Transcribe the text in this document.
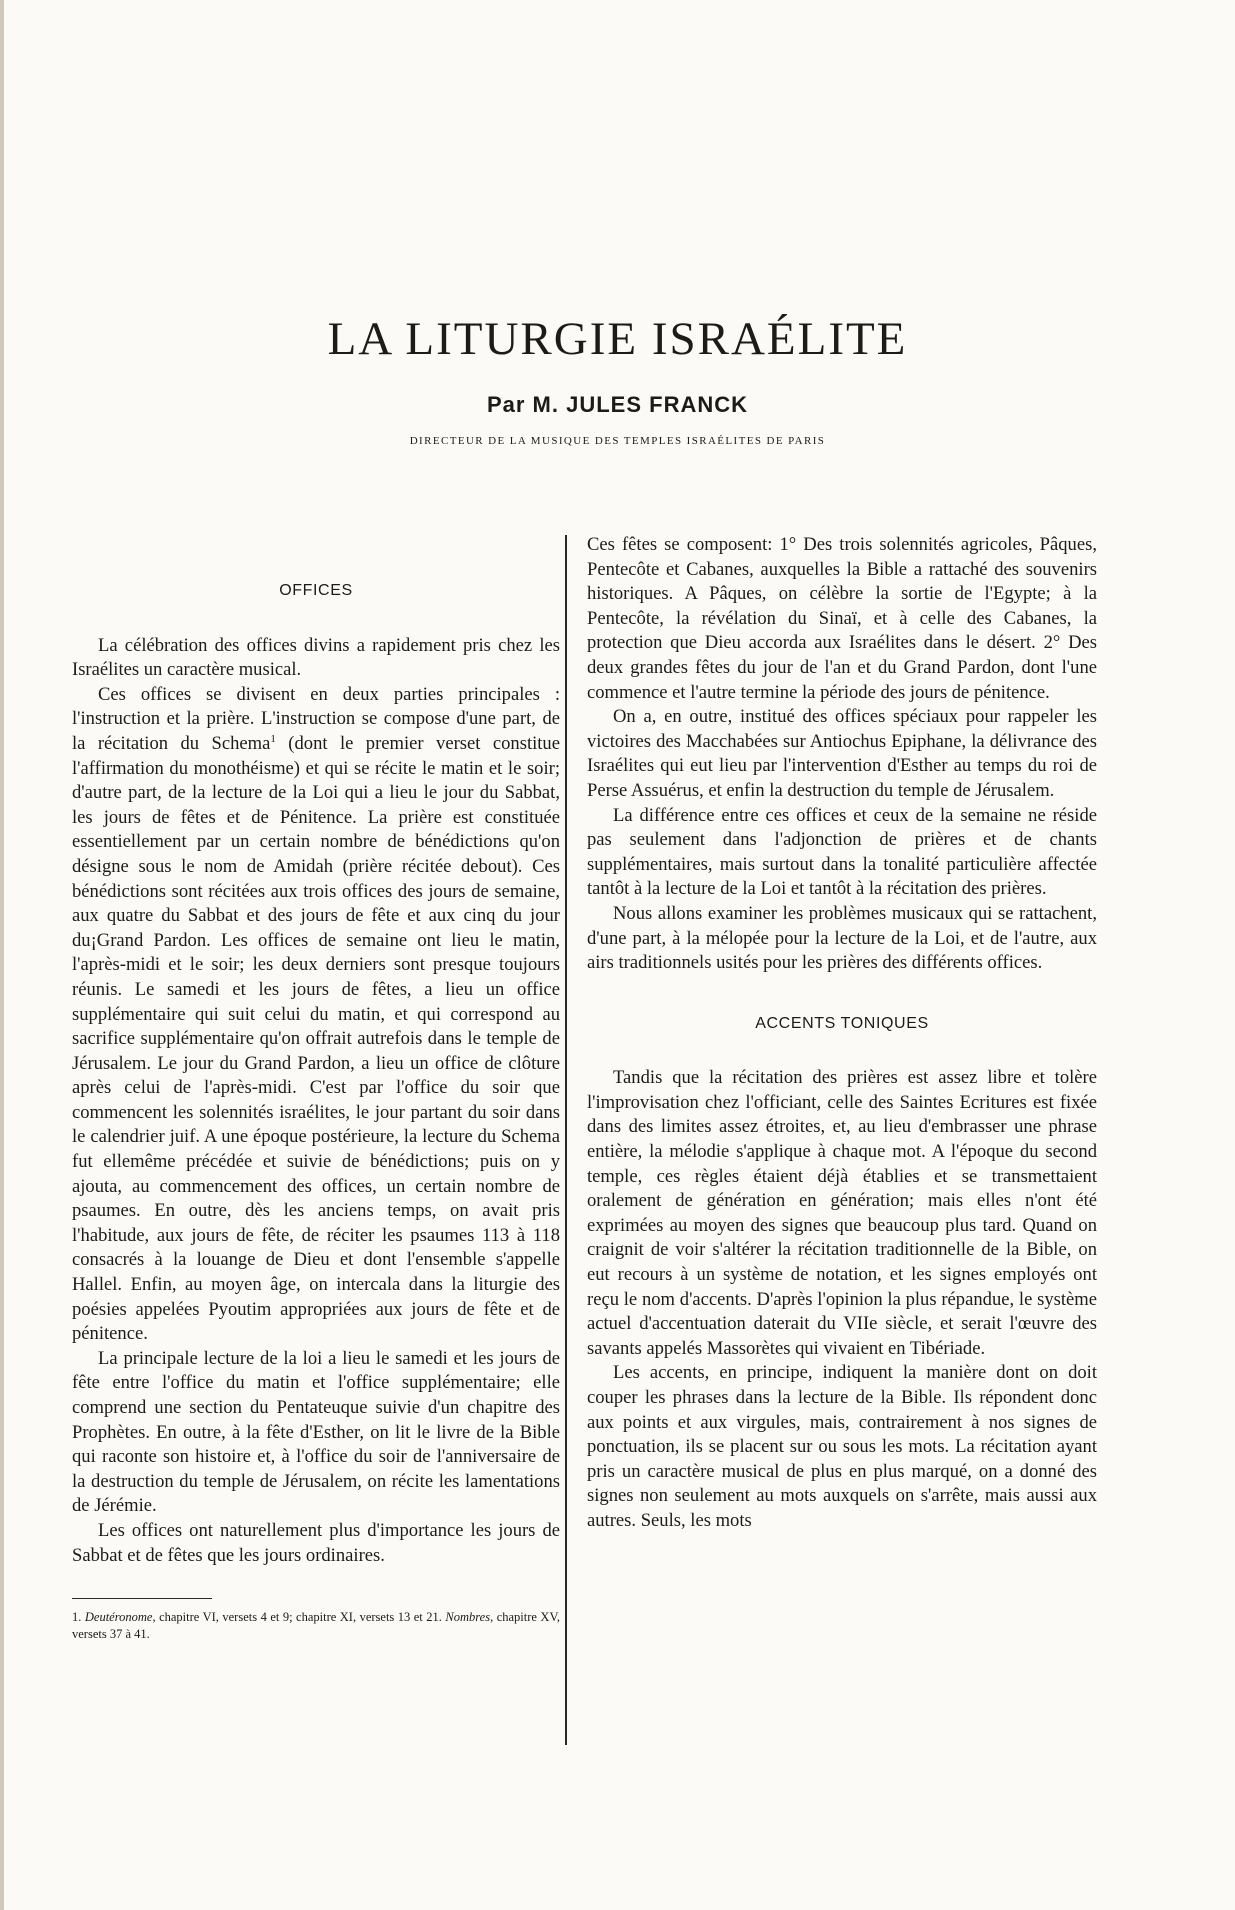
LA LITURGIE ISRAÉLITE
Par M. JULES FRANCK
DIRECTEUR DE LA MUSIQUE DES TEMPLES ISRAÉLITES DE PARIS
OFFICES

La célébration des offices divins a rapidement pris chez les Israélites un caractère musical.

Ces offices se divisent en deux parties principales : l'instruction et la prière. L'instruction se compose d'une part, de la récitation du Schema$^1$ (dont le premier verset constitue l'affirmation du monothéisme) et qui se récite le matin et le soir; d'autre part, de la lecture de la Loi qui a lieu le jour du Sabbat, les jours de fêtes et de Pénitence. La prière est constituée essentiellement par un certain nombre de bénédictions qu'on désigne sous le nom de Amidah (prière récitée debout). Ces bénédictions sont récitées aux trois offices des jours de semaine, aux quatre du Sabbat et des jours de fête et aux cinq du jour du¡Grand Pardon. Les offices de semaine ont lieu le matin, l'après-midi et le soir; les deux derniers sont presque toujours réunis. Le samedi et les jours de fêtes, a lieu un office supplémentaire qui suit celui du matin, et qui correspond au sacrifice supplémentaire qu'on offrait autrefois dans le temple de Jérusalem. Le jour du Grand Pardon, a lieu un office de clôture après celui de l'après-midi. C'est par l'office du soir que commencent les solennités israélites, le jour partant du soir dans le calendrier juif. A une époque postérieure, la lecture du Schema fut ellemême précédée et suivie de bénédictions; puis on y ajouta, au commencement des offices, un certain nombre de psaumes. En outre, dès les anciens temps, on avait pris l'habitude, aux jours de fête, de réciter les psaumes 113 à 118 consacrés à la louange de Dieu et dont l'ensemble s'appelle Hallel. Enfin, au moyen âge, on intercala dans la liturgie des poésies appelées Pyoutim appropriées aux jours de fête et de pénitence.

La principale lecture de la loi a lieu le samedi et les jours de fête entre l'office du matin et l'office supplémentaire; elle comprend une section du Pentateuque suivie d'un chapitre des Prophètes. En outre, à la fête d'Esther, on lit le livre de la Bible qui raconte son histoire et, à l'office du soir de l'anniversaire de la destruction du temple de Jérusalem, on récite les lamentations de Jérémie.

Les offices ont naturellement plus d'importance les jours de Sabbat et de fêtes que les jours ordinaires.

1. Deutéronome, chapitre VI, versets 4 et 9; chapitre XI, versets 13 et 21. Nombres, chapitre XV, versets 37 à 41.

Ces fêtes se composent: 1° Des trois solennités agricoles, Pâques, Pentecôte et Cabanes, auxquelles la Bible a rattaché des souvenirs historiques. A Pâques, on célèbre la sortie de l'Egypte; à la Pentecôte, la révélation du Sinaï, et à celle des Cabanes, la protection que Dieu accorda aux Israélites dans le désert. 2° Des deux grandes fêtes du jour de l'an et du Grand Pardon, dont l'une commence et l'autre termine la période des jours de pénitence.

On a, en outre, institué des offices spéciaux pour rappeler les victoires des Macchabées sur Antiochus Epiphane, la délivrance des Israélites qui eut lieu par l'intervention d'Esther au temps du roi de Perse Assuérus, et enfin la destruction du temple de Jérusalem.

La différence entre ces offices et ceux de la semaine ne réside pas seulement dans l'adjonction de prières et de chants supplémentaires, mais surtout dans la tonalité particulière affectée tantôt à la lecture de la Loi et tantôt à la récitation des prières.

Nous allons examiner les problèmes musicaux qui se rattachent, d'une part, à la mélopée pour la lecture de la Loi, et de l'autre, aux airs traditionnels usités pour les prières des différents offices.

ACCENTS TONIQUES

Tandis que la récitation des prières est assez libre et tolère l'improvisation chez l'officiant, celle des Saintes Ecritures est fixée dans des limites assez étroites, et, au lieu d'embrasser une phrase entière, la mélodie s'applique à chaque mot. A l'époque du second temple, ces règles étaient déjà établies et se transmettaient oralement de génération en génération; mais elles n'ont été exprimées au moyen des signes que beaucoup plus tard. Quand on craignit de voir s'altérer la récitation traditionnelle de la Bible, on eut recours à un système de notation, et les signes employés ont reçu le nom d'accents. D'après l'opinion la plus répandue, le système actuel d'accentuation daterait du VIIe siècle, et serait l'œuvre des savants appelés Massorètes qui vivaient en Tibériade.

Les accents, en principe, indiquent la manière dont on doit couper les phrases dans la lecture de la Bible. Ils répondent donc aux points et aux virgules, mais, contrairement à nos signes de ponctuation, ils se placent sur ou sous les mots. La récitation ayant pris un caractère musical de plus en plus marqué, on a donné des signes non seulement au mots auxquels on s'arrête, mais aussi aux autres. Seuls, les mots
